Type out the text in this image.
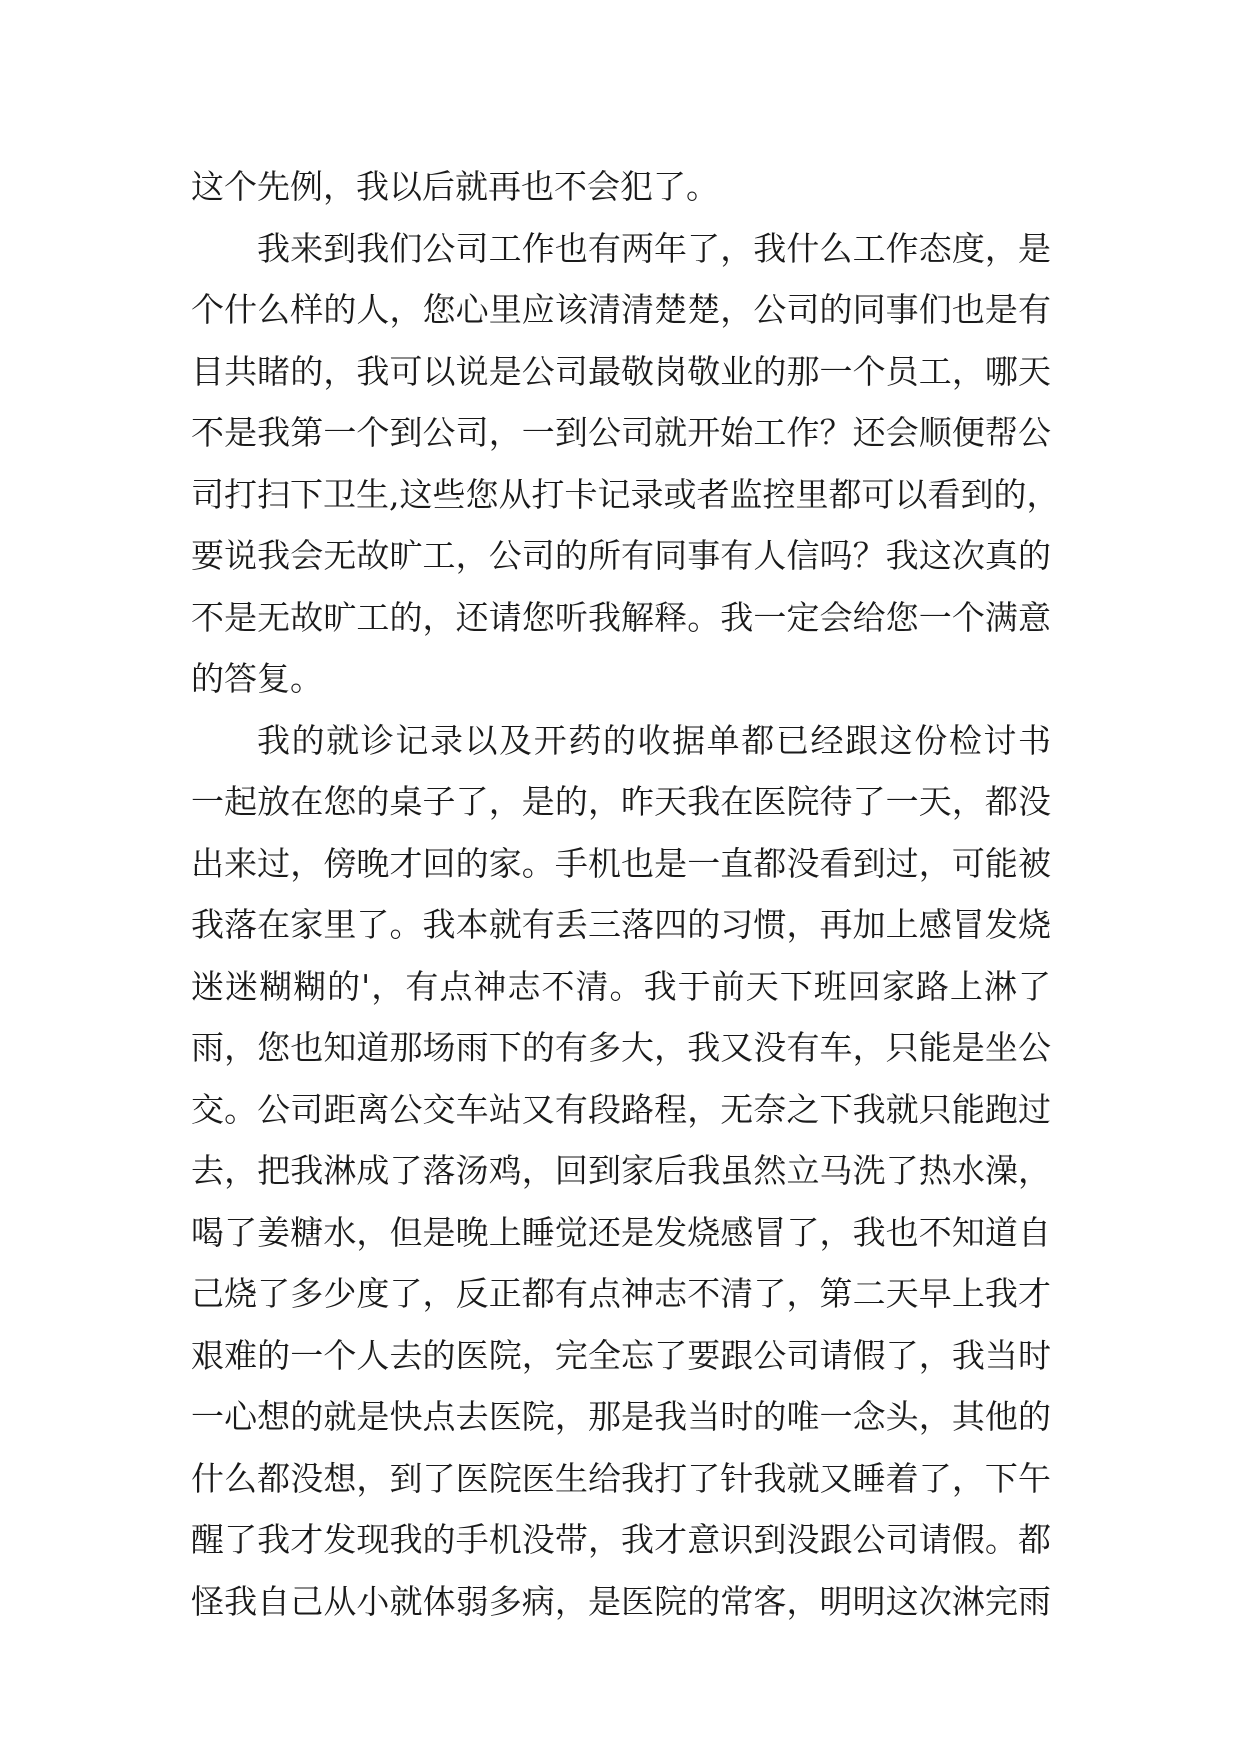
这个先例，我以后就再也不会犯了。
我来到我们公司工作也有两年了，我什么工作态度，是
个什么样的人，您心里应该清清楚楚，公司的同事们也是有
目共睹的，我可以说是公司最敬岗敬业的那一个员工，哪天
不是我第一个到公司，一到公司就开始工作？还会顺便帮公
司打扫下卫生,这些您从打卡记录或者监控里都可以看到的，
要说我会无故旷工，公司的所有同事有人信吗？我这次真的
不是无故旷工的，还请您听我解释。我一定会给您一个满意
的答复。
我的就诊记录以及开药的收据单都已经跟这份检讨书
一起放在您的桌子了，是的，昨天我在医院待了一天，都没
出来过，傍晚才回的家。手机也是一直都没看到过，可能被
我落在家里了。我本就有丢三落四的习惯，再加上感冒发烧
迷迷糊糊的'，有点神志不清。我于前天下班回家路上淋了
雨，您也知道那场雨下的有多大，我又没有车，只能是坐公
交。公司距离公交车站又有段路程，无奈之下我就只能跑过
去，把我淋成了落汤鸡，回到家后我虽然立马洗了热水澡，
喝了姜糖水，但是晚上睡觉还是发烧感冒了，我也不知道自
己烧了多少度了，反正都有点神志不清了，第二天早上我才
艰难的一个人去的医院，完全忘了要跟公司请假了，我当时
一心想的就是快点去医院，那是我当时的唯一念头，其他的
什么都没想，到了医院医生给我打了针我就又睡着了，下午
醒了我才发现我的手机没带，我才意识到没跟公司请假。都
怪我自己从小就体弱多病，是医院的常客，明明这次淋完雨
